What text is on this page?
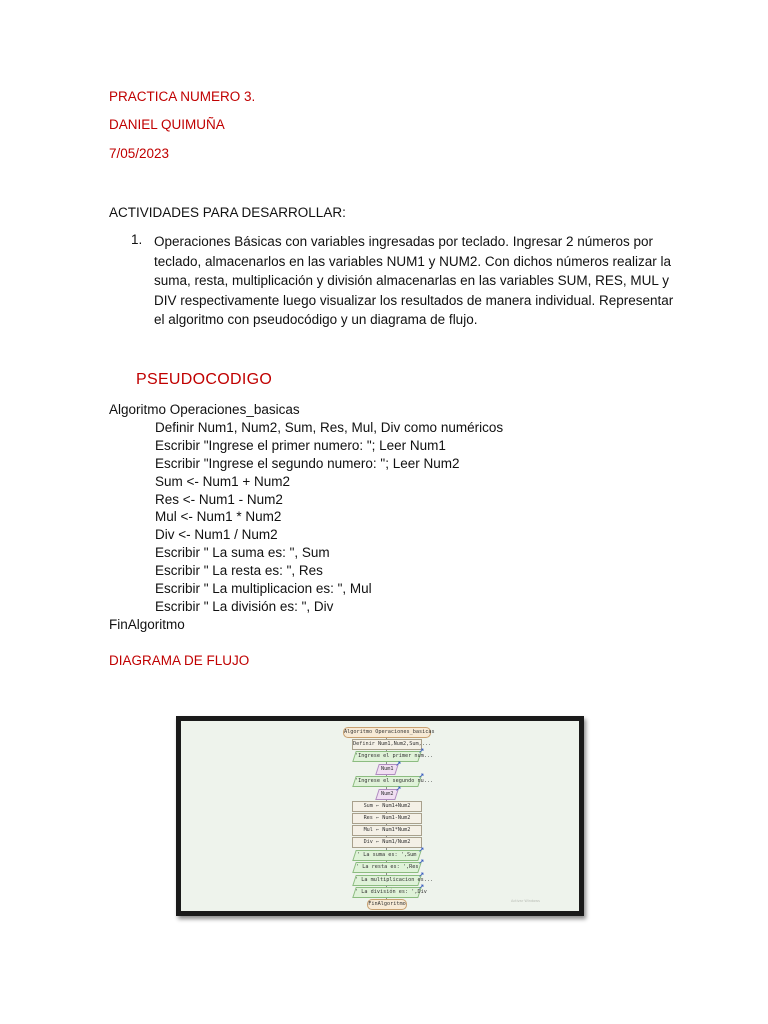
PRACTICA NUMERO 3.
DANIEL QUIMUÑA
7/05/2023
ACTIVIDADES PARA DESARROLLAR:
1. Operaciones Básicas con variables ingresadas por teclado. Ingresar 2 números por teclado, almacenarlos en las variables NUM1 y NUM2. Con dichos números realizar la suma, resta, multiplicación y división almacenarlas en las variables SUM, RES, MUL y DIV respectivamente luego visualizar los resultados de manera individual. Representar el algoritmo con pseudocódigo y un diagrama de flujo.
PSEUDOCODIGO
Algoritmo Operaciones_basicas
Definir Num1, Num2, Sum, Res, Mul, Div como numéricos
Escribir "Ingrese el primer numero: "; Leer Num1
Escribir "Ingrese el segundo numero: "; Leer Num2
Sum <- Num1 + Num2
Res <- Num1 - Num2
Mul <- Num1 * Num2
Div <- Num1 / Num2
Escribir " La suma es: ", Sum
Escribir " La resta es: ", Res
Escribir " La multiplicacion es: ", Mul
Escribir " La división es: ", Div
FinAlgoritmo
DIAGRAMA DE FLUJO
Activar Windows
Algoritmo Operaciones_basicas
Definir Num1,Num2,Sum,...
'Ingrese el primer num...
Num1
'Ingrese el segundo nu...
Num2
Sum ← Num1+Num2
Res ← Num1-Num2
Mul ← Num1*Num2
Div ← Num1/Num2
' La suma es: ',Sum
' La resta es: ',Res
' La multiplicacion es...
' La división es: ',Div
FinAlgoritmo
